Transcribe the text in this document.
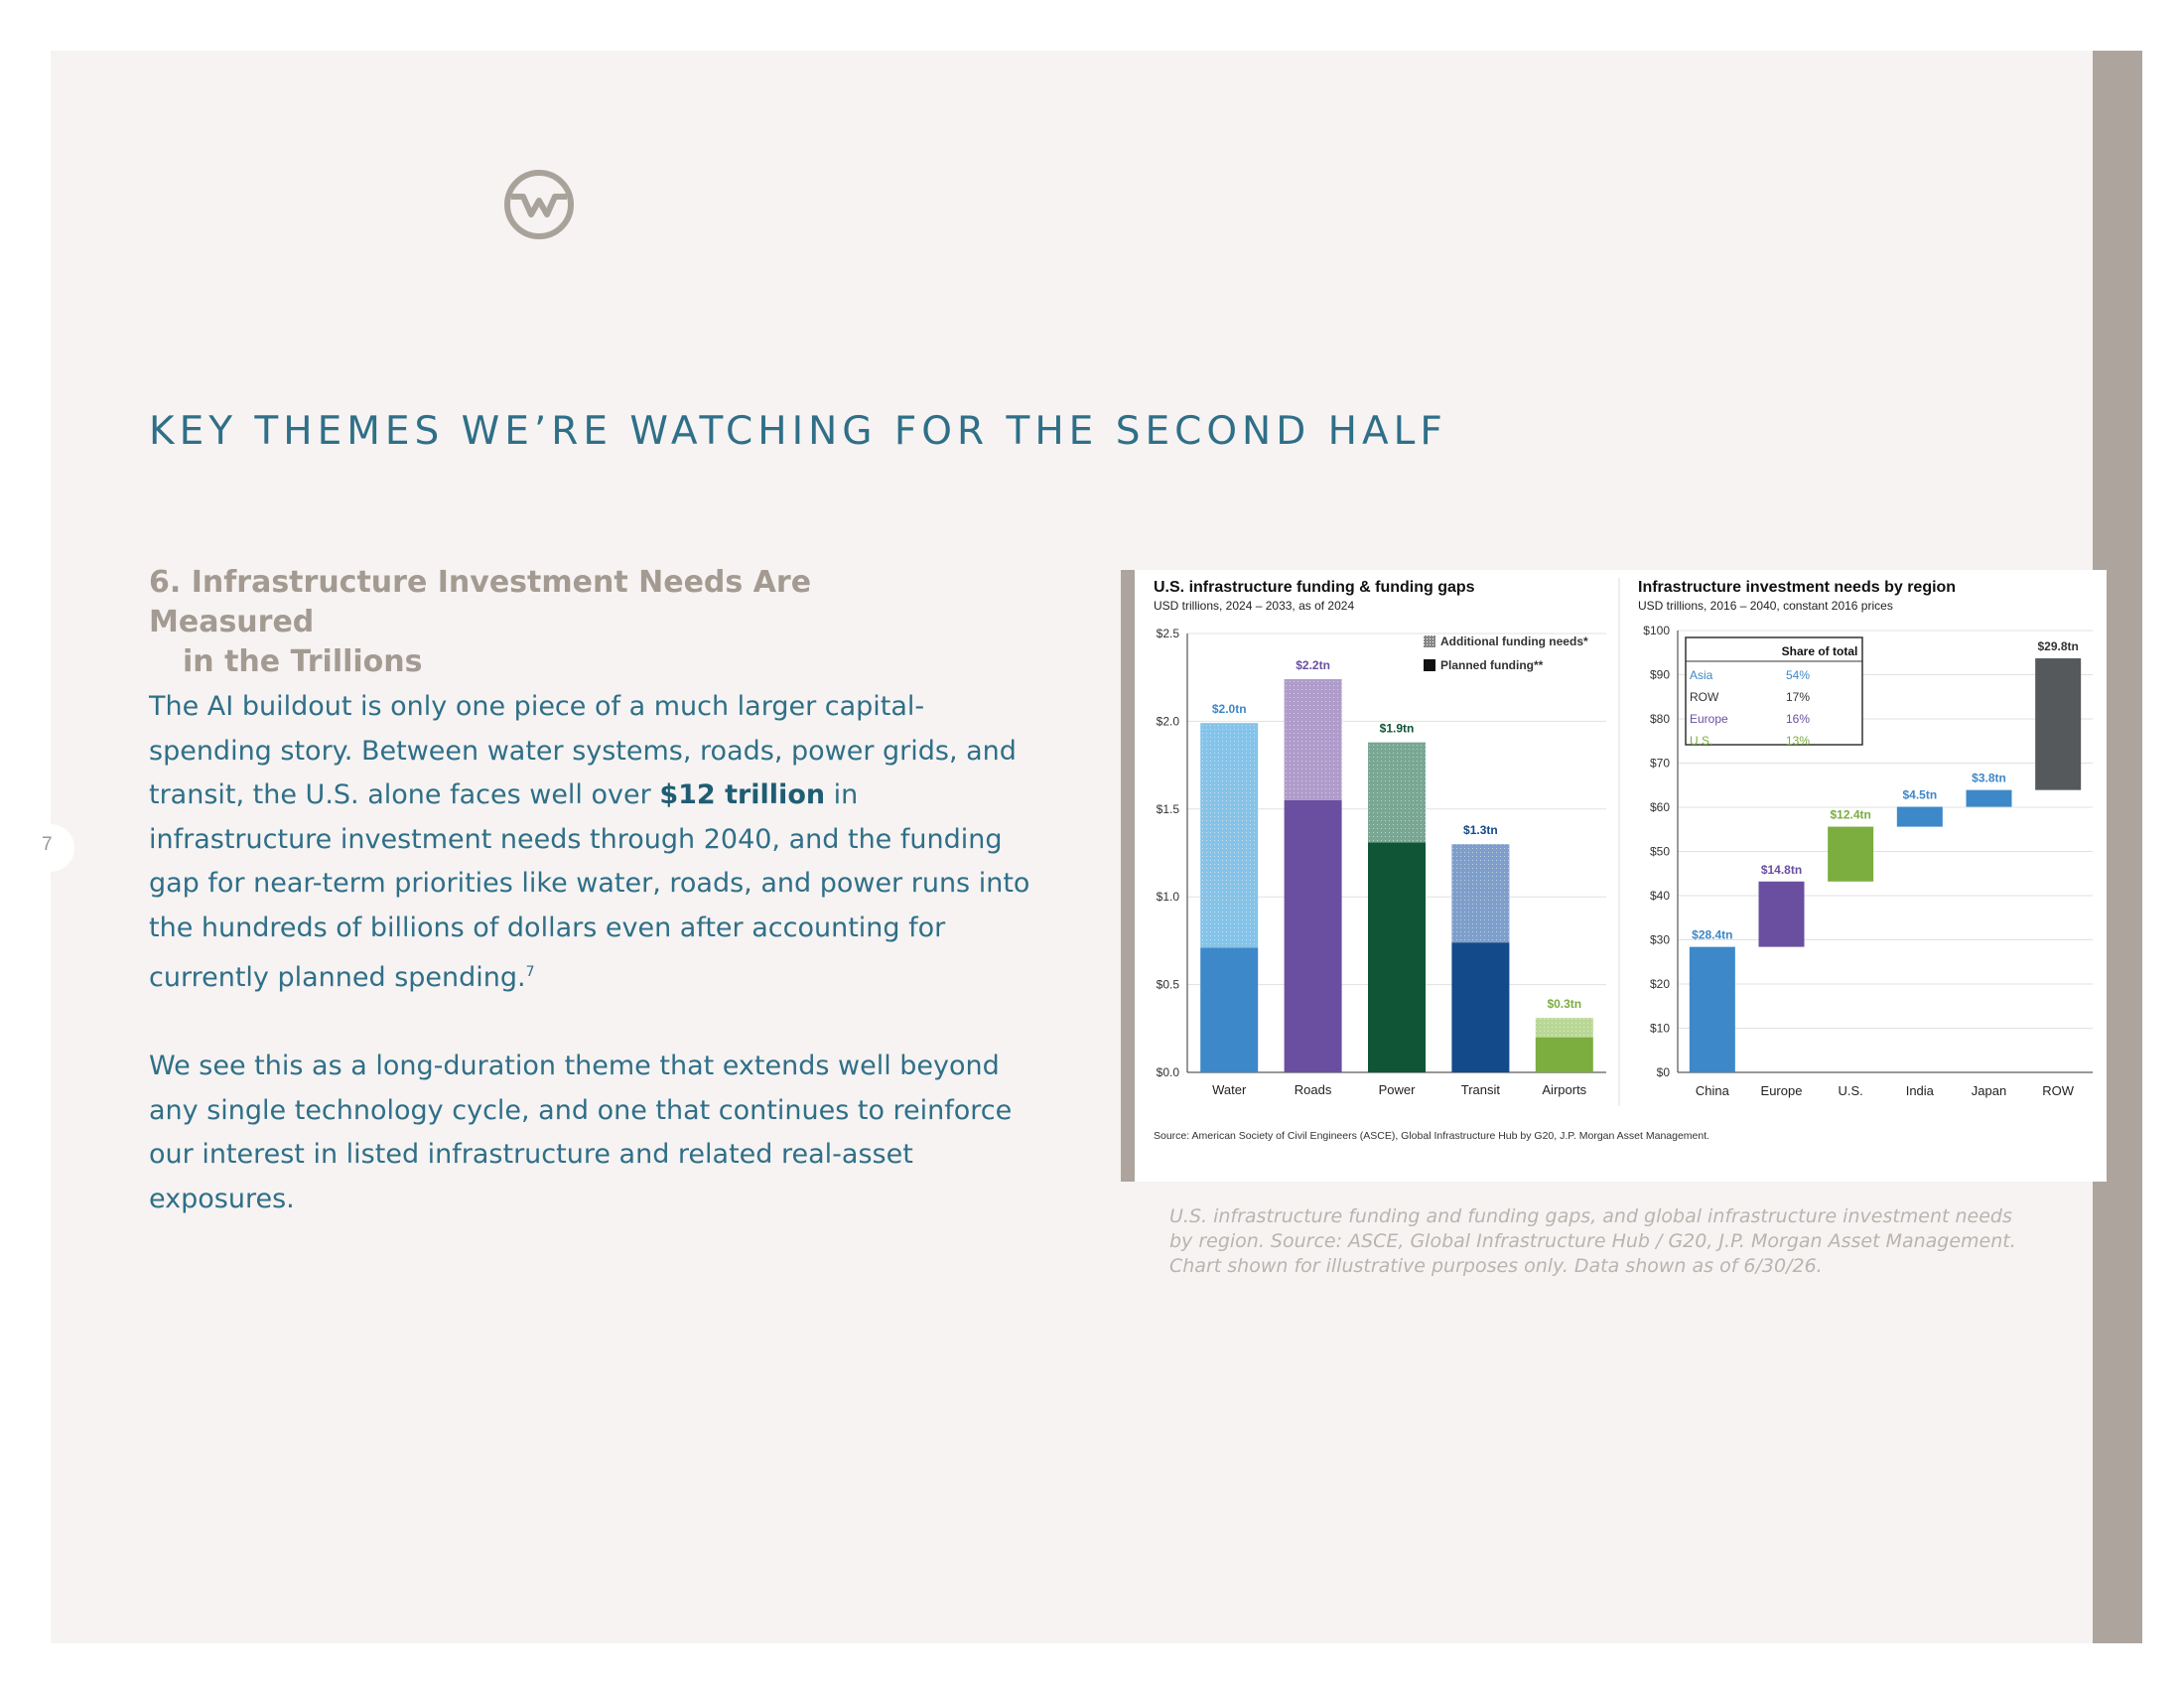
7
KEY THEMES WE’RE WATCHING FOR THE SECOND HALF
6. Infrastructure Investment Needs Are Measured
in the Trillions

The AI buildout is only one piece of a much larger capital-spending story. Between water systems, roads, power grids, and transit, the U.S. alone faces well over $12 trillion in infrastructure investment needs through 2040, and the funding gap for near-term priorities like water, roads, and power runs into the hundreds of billions of dollars even after accounting for currently planned spending.$^7$

We see this as a long-duration theme that extends well beyond any single technology cycle, and one that continues to reinforce our interest in listed infrastructure and related real-asset exposures.

U.S. infrastructure funding & funding gaps
USD trillions, 2024 – 2033, as of 2024
$0.0
$0.5
$1.0
$1.5
$2.0
$2.5
$2.0tn
Water
$2.2tn
Roads
$1.9tn
Power
$1.3tn
Transit
$0.3tn
Airports
Additional funding needs*
Planned funding**
Infrastructure investment needs by region
USD trillions, 2016 – 2040, constant 2016 prices
$0
$10
$20
$30
$40
$50
$60
$70
$80
$90
$100
$28.4tn
China
$14.8tn
Europe
$12.4tn
U.S.
$4.5tn
India
$3.8tn
Japan
$29.8tn
ROW
Share of total
Asia	54%
ROW	17%
Europe	16%
U.S.	13%
Source: American Society of Civil Engineers (ASCE), Global Infrastructure Hub by G20, J.P. Morgan Asset Management.
U.S. infrastructure funding and funding gaps, and global infrastructure investment needs by region. Source: ASCE, Global Infrastructure Hub / G20, J.P. Morgan Asset Management. Chart shown for illustrative purposes only. Data shown as of 6/30/26.
